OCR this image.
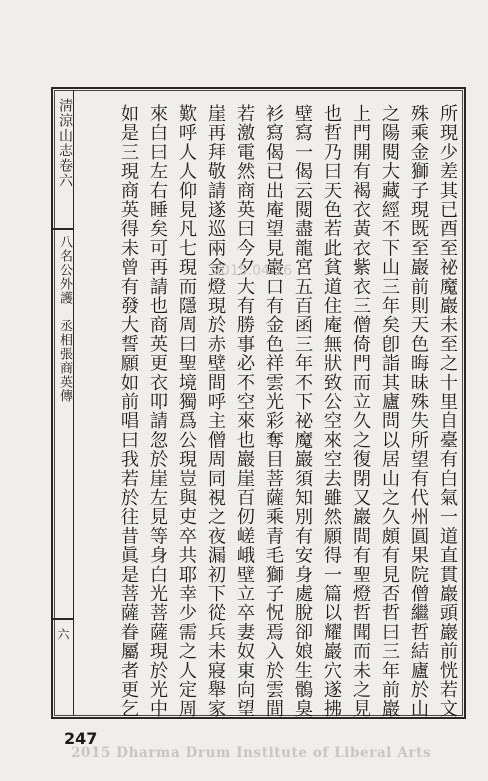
淸涼山志卷六
八名公外護丞相張商英傳
六	所現少差其已酉至祕魔巖未至之十里自臺有白氣一道直貫巖頭巖前恍若文
殊乘金獅子現既至巖前則天色晦昧殊失所望有代州圓果院僧繼哲結廬於山
之陽閱大藏經不下山三年矣卽詣其廬問以居山之久頗有見否哲曰三年前巖
上門開有褐衣黃衣紫衣三僧倚門而立久之復閉又巖間有聖燈哲聞而未之見
也哲乃曰天色若此貧道住庵無狀致公空來空去雖然願得一篇以耀巖穴遂拂
壁寫一偈云閱盡龍宮五百函三年不下祕魔巖須知別有安身處脫卻娘生鶻臭
衫寫偈已出庵望見巖口有金色祥雲光彩奪目菩薩乘青毛獅子怳焉入於雲間
若激電然商英曰今夕大有勝事必不空來也巖崖百仞嵯峨壁立卒妻奴東向望
崖再拜敬請遂巡兩金燈現於赤壁間呼主僧周同視之夜漏初下從兵未寢舉家
歎呼人人仰見凡七現而隱周曰聖境獨爲公現豈與吏卒共耶幸少需之人定周
來白曰左右睡矣可再請也商英更衣叩請忽於崖左見等身白光菩薩現於光中
如是三現商英得未曾有發大誓願如前唱曰我若於往昔眞是菩薩眷屬者更乞	2015.04.16
247
2015 Dharma Drum Institute of Liberal Arts
